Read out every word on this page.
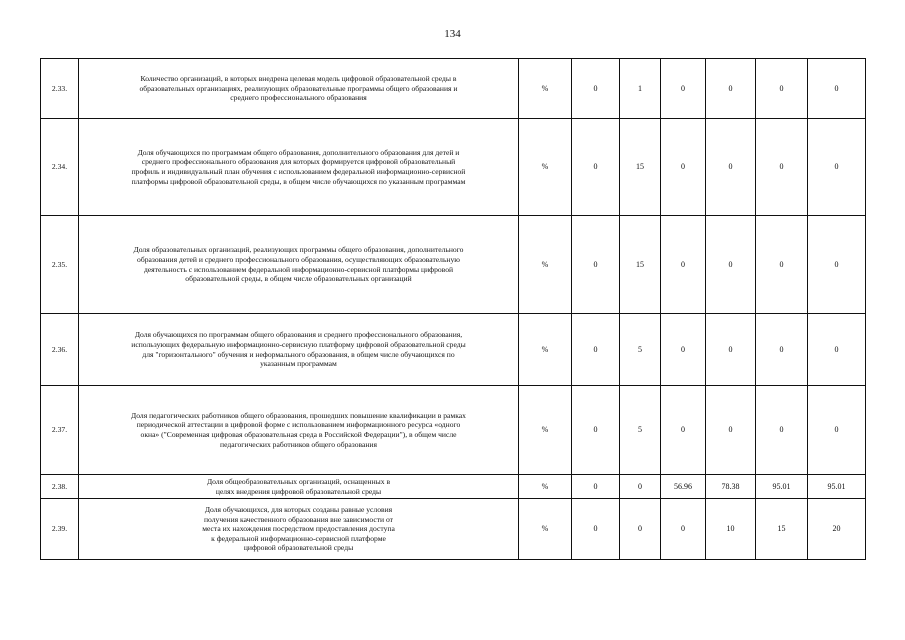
134
2.33.	Количество организаций, в которых внедрена целевая модель цифровой образовательной среды в
образовательных организациях, реализующих образовательные программы общего образования и
среднего профессионального образования	%	0	1	0	0	0	0
2.34.	Доля обучающихся по программам общего образования, дополнительного образования для детей и
среднего профессионального образования для которых формируется цифровой образовательный
профиль и индивидуальный план обучения с использованием федеральной информационно-сервисной
платформы цифровой образовательной среды, в общем числе обучающихся по указанным программам	%	0	15	0	0	0	0
2.35.	Доля образовательных организаций, реализующих программы общего образования, дополнительного
образования детей и среднего профессионального образования, осуществляющих образовательную
деятельность с использованием федеральной информационно-сервисной платформы цифровой
образовательной среды, в общем числе образовательных организаций	%	0	15	0	0	0	0
2.36.	Доля обучающихся по программам общего образования и среднего профессионального образования,
использующих федеральную информационно-сервисную платформу цифровой образовательной среды
для "горизонтального" обучения и неформального образования, в общем числе обучающихся по
указанным программам	%	0	5	0	0	0	0
2.37.	Доля педагогических работников общего образования, прошедших повышение квалификации в рамках
периодической аттестации в цифровой форме с использованием информационного ресурса «одного
окна» ("Современная цифровая образовательная среда в Российской Федерации"), в общем числе
педагогических работников общего образования	%	0	5	0	0	0	0
2.38.	Доля общеобразовательных организаций, оснащенных в
целях внедрения цифровой образовательной среды	%	0	0	56.96	78.38	95.01	95.01
2.39.	Доля обучающихся, для которых созданы равные условия
получения качественного образования вне зависимости от
места их нахождения посредством предоставления доступа
к федеральной информационно-сервисной платформе
цифровой образовательной среды	%	0	0	0	10	15	20
